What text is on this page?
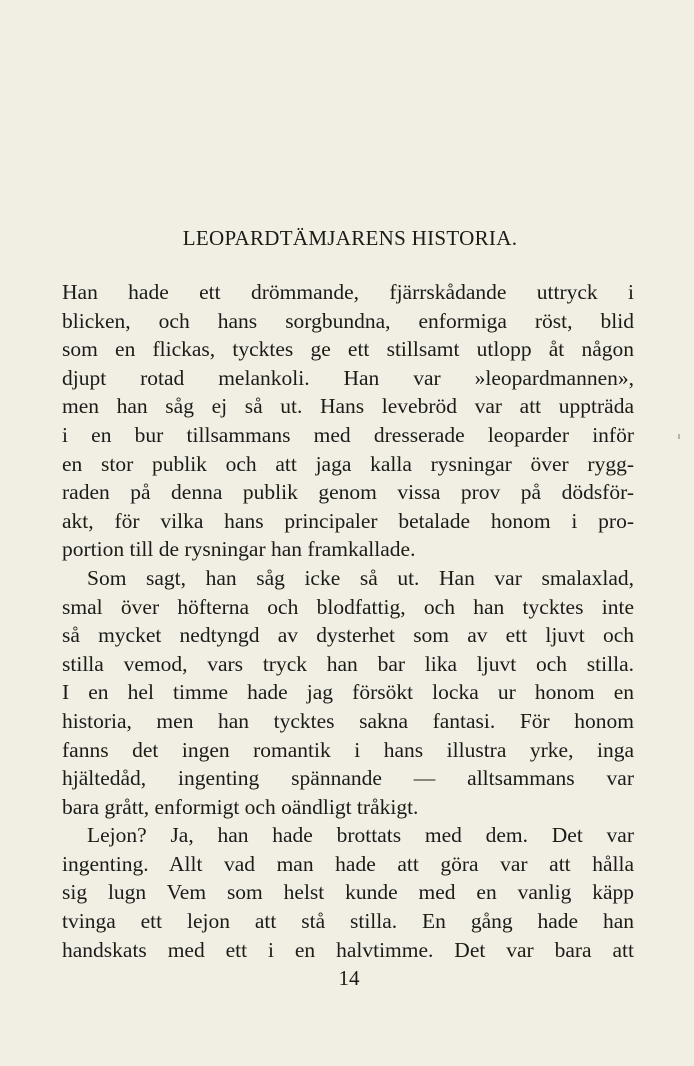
LEOPARDTÄMJARENS HISTORIA.
Han hade ett drömmande, fjärrskådande uttryck i
blicken, och hans sorgbundna, enformiga röst, blid
som en flickas, tycktes ge ett stillsamt utlopp åt någon
djupt rotad melankoli. Han var »leopardmannen»,
men han såg ej så ut. Hans levebröd var att uppträda
i en bur tillsammans med dresserade leoparder inför
en stor publik och att jaga kalla rysningar över rygg-
raden på denna publik genom vissa prov på dödsför-
akt, för vilka hans principaler betalade honom i pro-
portion till de rysningar han framkallade.
Som sagt, han såg icke så ut. Han var smalaxlad,
smal över höfterna och blodfattig, och han tycktes inte
så mycket nedtyngd av dysterhet som av ett ljuvt och
stilla vemod, vars tryck han bar lika ljuvt och stilla.
I en hel timme hade jag försökt locka ur honom en
historia, men han tycktes sakna fantasi. För honom
fanns det ingen romantik i hans illustra yrke, inga
hjältedåd, ingenting spännande — alltsammans var
bara grått, enformigt och oändligt tråkigt.
Lejon? Ja, han hade brottats med dem. Det var
ingenting. Allt vad man hade att göra var att hålla
sig lugn Vem som helst kunde med en vanlig käpp
tvinga ett lejon att stå stilla. En gång hade han
handskats med ett i en halvtimme. Det var bara att
14
